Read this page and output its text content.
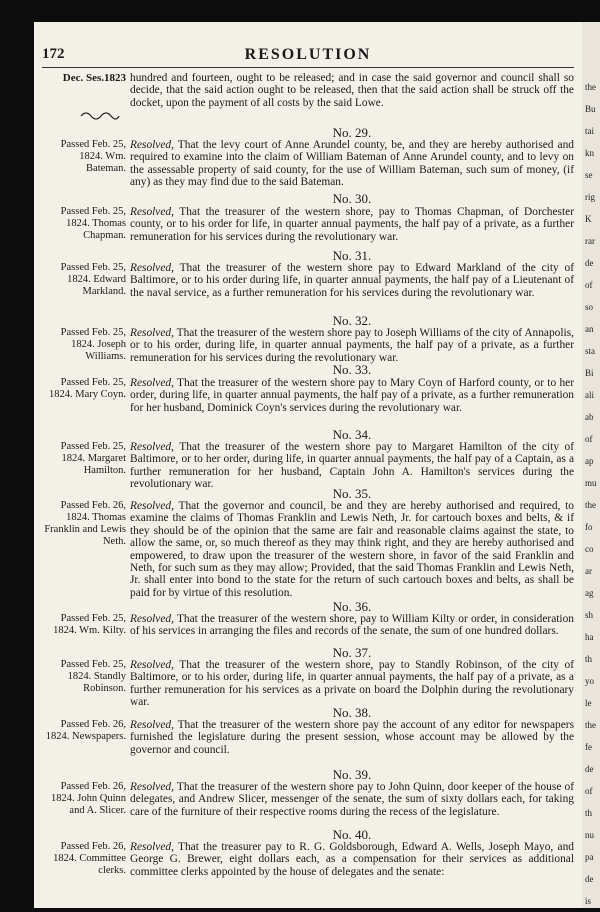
172	RESOLUTION
Dec. Ses.1823 hundred and fourteen, ought to be released; and in case the said governor and council shall so decide, that the said action ought to be released, then that the said action shall be struck off the docket, upon the payment of all costs by the said Lowe.
No. 29.
Passed Feb. 25, 1824. Wm. Bateman.
Resolved, That the levy court of Anne Arundel county, be, and they are hereby authorised and required to examine into the claim of William Bateman of Anne Arundel county, and to levy on the assessable property of said county, for the use of William Bateman, such sum of money, (if any) as they may find due to the said Bateman.
No. 30.
Passed Feb. 25, 1824. Thomas Chapman.
Resolved, That the treasurer of the western shore, pay to Thomas Chapman, of Dorchester county, or to his order for life, in quarter annual payments, the half pay of a private, as a further remuneration for his services during the revolutionary war.
No. 31.
Passed Feb. 25, 1824. Edward Markland.
Resolved, That the treasurer of the western shore pay to Edward Markland of the city of Baltimore, or to his order during life, in quarter annual payments, the half pay of a Lieutenant of the naval service, as a further remuneration for his services during the revolutionary war.
No. 32.
Passed Feb. 25, 1824. Joseph Williams.
Resolved, That the treasurer of the western shore pay to Joseph Williams of the city of Annapolis, or to his order, during life, in quarter annual payments, the half pay of a private, as a further remuneration for his services during the revolutionary war.
No. 33.
Passed Feb. 25, 1824. Mary Coyn.
Resolved, That the treasurer of the western shore pay to Mary Coyn of Harford county, or to her order, during life, in quarter annual payments, the half pay of a private, as a further remuneration for her husband, Dominick Coyn's services during the revolutionary war.
No. 34.
Passed Feb. 25, 1824. Margaret Hamilton.
Resolved, That the treasurer of the western shore pay to Margaret Hamilton of the city of Baltimore, or to her order, during life, in quarter annual payments, the half pay of a Captain, as a further remuneration for her husband, Captain John A. Hamilton's services during the revolutionary war.
No. 35.
Passed Feb. 26, 1824. Thomas Franklin and Lewis Neth.
Resolved, That the governor and council, be and they are hereby authorised and required, to examine the claims of Thomas Franklin and Lewis Neth, Jr. for cartouch boxes and belts, & if they should be of the opinion that the same are fair and reasonable claims against the state, to allow the same, or, so much thereof as they may think right, and they are hereby authorised and empowered, to draw upon the treasurer of the western shore, in favor of the said Franklin and Neth, for such sum as they may allow; Provided, that the said Thomas Franklin and Lewis Neth, Jr. shall enter into bond to the state for the return of such cartouch boxes and belts, as shall be paid for by virtue of this resolution.
No. 36.
Passed Feb. 25, 1824. Wm. Kilty.
Resolved, That the treasurer of the western shore, pay to William Kilty or order, in consideration of his services in arranging the files and records of the senate, the sum of one hundred dollars.
No. 37.
Passed Feb. 25, 1824. Standly Robinson.
Resolved, That the treasurer of the western shore, pay to Standly Robinson, of the city of Baltimore, or to his order, during life, in quarter annual payments, the half pay of a private, as a further remuneration for his services as a private on board the Dolphin during the revolutionary war.
No. 38.
Passed Feb. 26, 1824. Newspapers.
Resolved, That the treasurer of the western shore pay the account of any editor for newspapers furnished the legislature during the present session, whose account may be allowed by the governor and council.
No. 39.
Passed Feb. 26, 1824. John Quinn and A. Slicer.
Resolved, That the treasurer of the western shore pay to John Quinn, door keeper of the house of delegates, and Andrew Slicer, messenger of the senate, the sum of sixty dollars each, for taking care of the furniture of their respective rooms during the recess of the legislature.
No. 40.
Passed Feb. 26, 1824. Committee clerks.
Resolved, That the treasurer pay to R. G. Goldsborough, Edward A. Wells, Joseph Mayo, and George G. Brewer, eight dollars each, as a compensation for their services as additional committee clerks appointed by the house of delegates and the senate:
the
Bu
tai
kn
se
rig
K
rar
de
of
so
an
sta
Bi
ali
ab
of
ap
mu
the
fo
co
ar
ag
sh
ha
th
yo
le
the
fe
de
of
th
nu
pa
de
is
